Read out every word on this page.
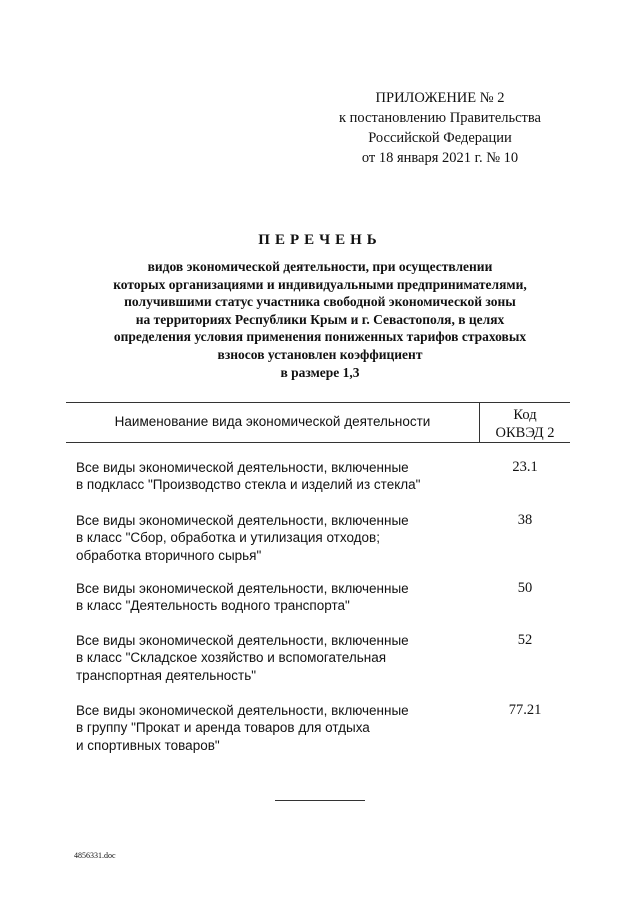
ПРИЛОЖЕНИЕ № 2
к постановлению Правительства
Российской Федерации
от 18 января 2021 г. № 10
ПЕРЕЧЕНЬ
видов экономической деятельности, при осуществлении
которых организациями и индивидуальными предпринимателями,
получившими статус участника свободной экономической зоны
на территориях Республики Крым и г. Севастополя, в целях
определения условия применения пониженных тарифов страховых
взносов установлен коэффициент
в размере 1,3
Наименование вида экономической деятельности	Код
ОКВЭД 2
Все виды экономической деятельности, включенные
в подкласс "Производство стекла и изделий из стекла"
23.1
Все виды экономической деятельности, включенные
в класс "Сбор, обработка и утилизация отходов;
обработка вторичного сырья"
38
Все виды экономической деятельности, включенные
в класс "Деятельность водного транспорта"
50
Все виды экономической деятельности, включенные
в класс "Складское хозяйство и вспомогательная
транспортная деятельность"
52
Все виды экономической деятельности, включенные
в группу "Прокат и аренда товаров для отдыха
и спортивных товаров"
77.21
4856331.doc
